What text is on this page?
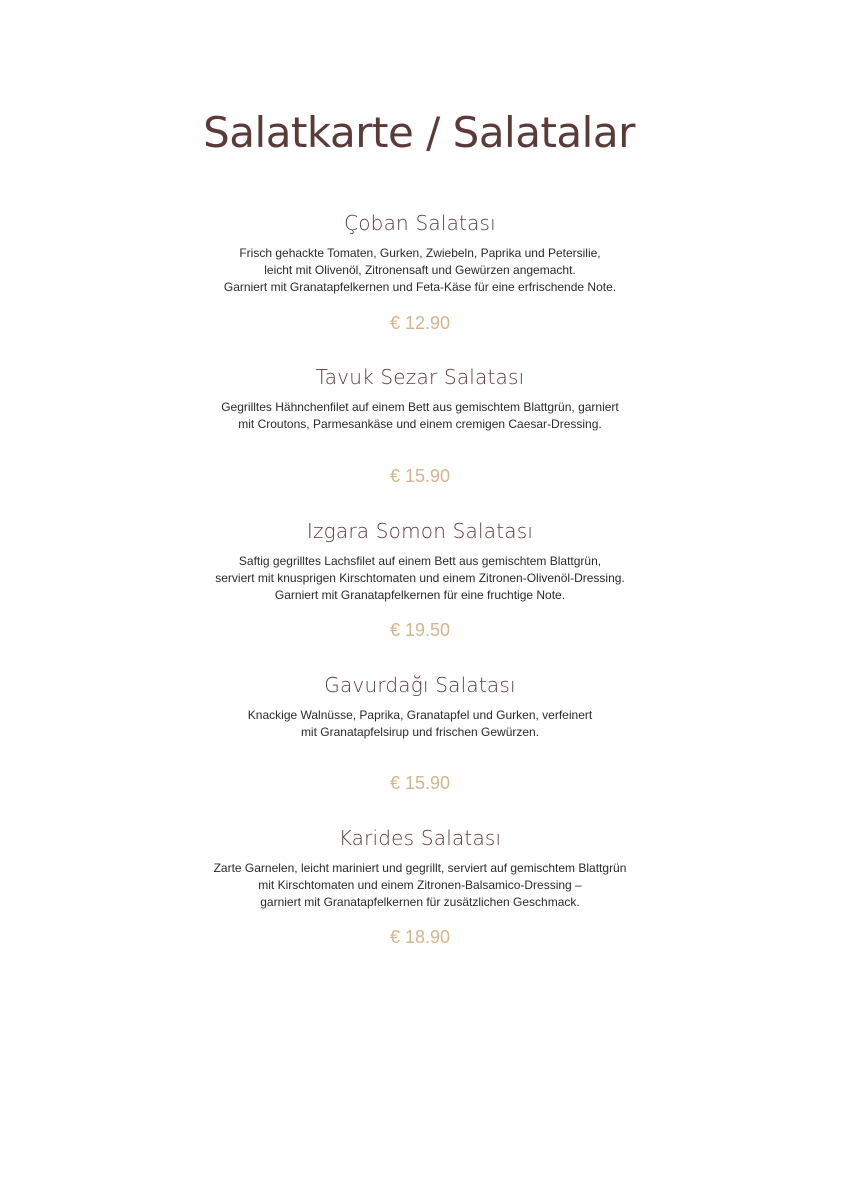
Salatkarte / Salatalar
Çoban Salatası
Frisch gehackte Tomaten, Gurken, Zwiebeln, Paprika und Petersilie,
leicht mit Olivenöl, Zitronensaft und Gewürzen angemacht.
Garniert mit Granatapfelkernen und Feta-Käse für eine erfrischende Note.
€ 12.90
Tavuk Sezar Salatası
Gegrilltes Hähnchenfilet auf einem Bett aus gemischtem Blattgrün, garniert
mit Croutons, Parmesankäse und einem cremigen Caesar-Dressing.
€ 15.90
Izgara Somon Salatası
Saftig gegrilltes Lachsfilet auf einem Bett aus gemischtem Blattgrün,
serviert mit knusprigen Kirschtomaten und einem Zitronen-Olivenöl-Dressing.
Garniert mit Granatapfelkernen für eine fruchtige Note.
€ 19.50
Gavurdağı Salatası
Knackige Walnüsse, Paprika, Granatapfel und Gurken, verfeinert
mit Granatapfelsirup und frischen Gewürzen.
€ 15.90
Karides Salatası
Zarte Garnelen, leicht mariniert und gegrillt, serviert auf gemischtem Blattgrün
mit Kirschtomaten und einem Zitronen-Balsamico-Dressing –
garniert mit Granatapfelkernen für zusätzlichen Geschmack.
€ 18.90
